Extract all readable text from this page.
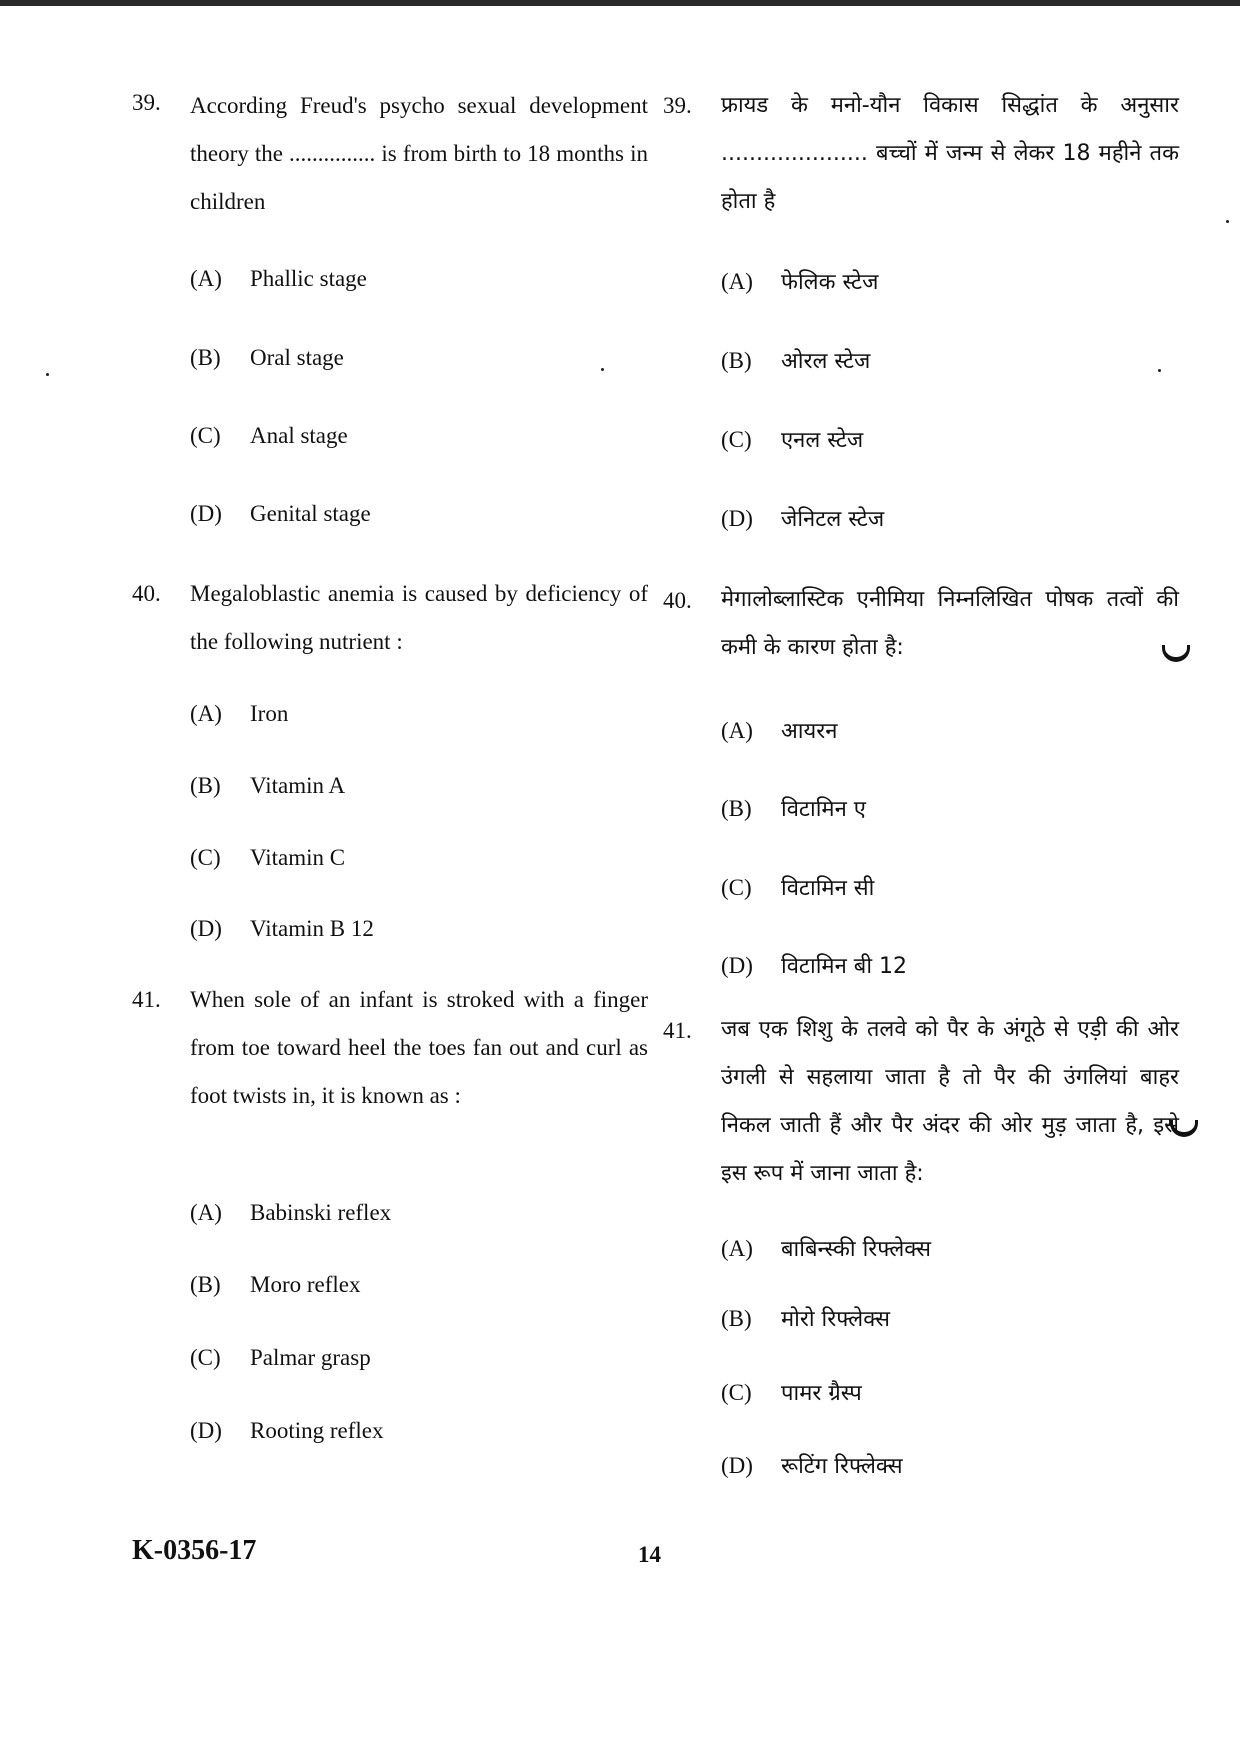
39. According Freud's psycho sexual development theory the ............... is from birth to 18 months in children
(A) Phallic stage
(B) Oral stage
(C) Anal stage
(D) Genital stage
40. Megaloblastic anemia is caused by deficiency of the following nutrient :
(A) Iron
(B) Vitamin A
(C) Vitamin C
(D) Vitamin B 12
41. When sole of an infant is stroked with a finger from toe toward heel the toes fan out and curl as foot twists in, it is known as :
(A) Babinski reflex
(B) Moro reflex
(C) Palmar grasp
(D) Rooting reflex
39. फ्रायड के मनो-यौन विकास सिद्धांत के अनुसार ..................... बच्चों में जन्म से लेकर 18 महीने तक होता है
(A) फेलिक स्टेज
(B) ओरल स्टेज
(C) एनल स्टेज
(D) जेनिटल स्टेज
40. मेगालोब्लास्टिक एनीमिया निम्नलिखित पोषक तत्वों की कमी के कारण होता है:
(A) आयरन
(B) विटामिन ए
(C) विटामिन सी
(D) विटामिन बी 12
41. जब एक शिशु के तलवे को पैर के अंगूठे से एड़ी की ओर उंगली से सहलाया जाता है तो पैर की उंगलियां बाहर निकल जाती हैं और पैर अंदर की ओर मुड़ जाता है, इसे इस रूप में जाना जाता है:
(A) बाबिन्स्की रिफ्लेक्स
(B) मोरो रिफ्लेक्स
(C) पामर ग्रैस्प
(D) रूटिंग रिफ्लेक्स
K-0356-17	14
